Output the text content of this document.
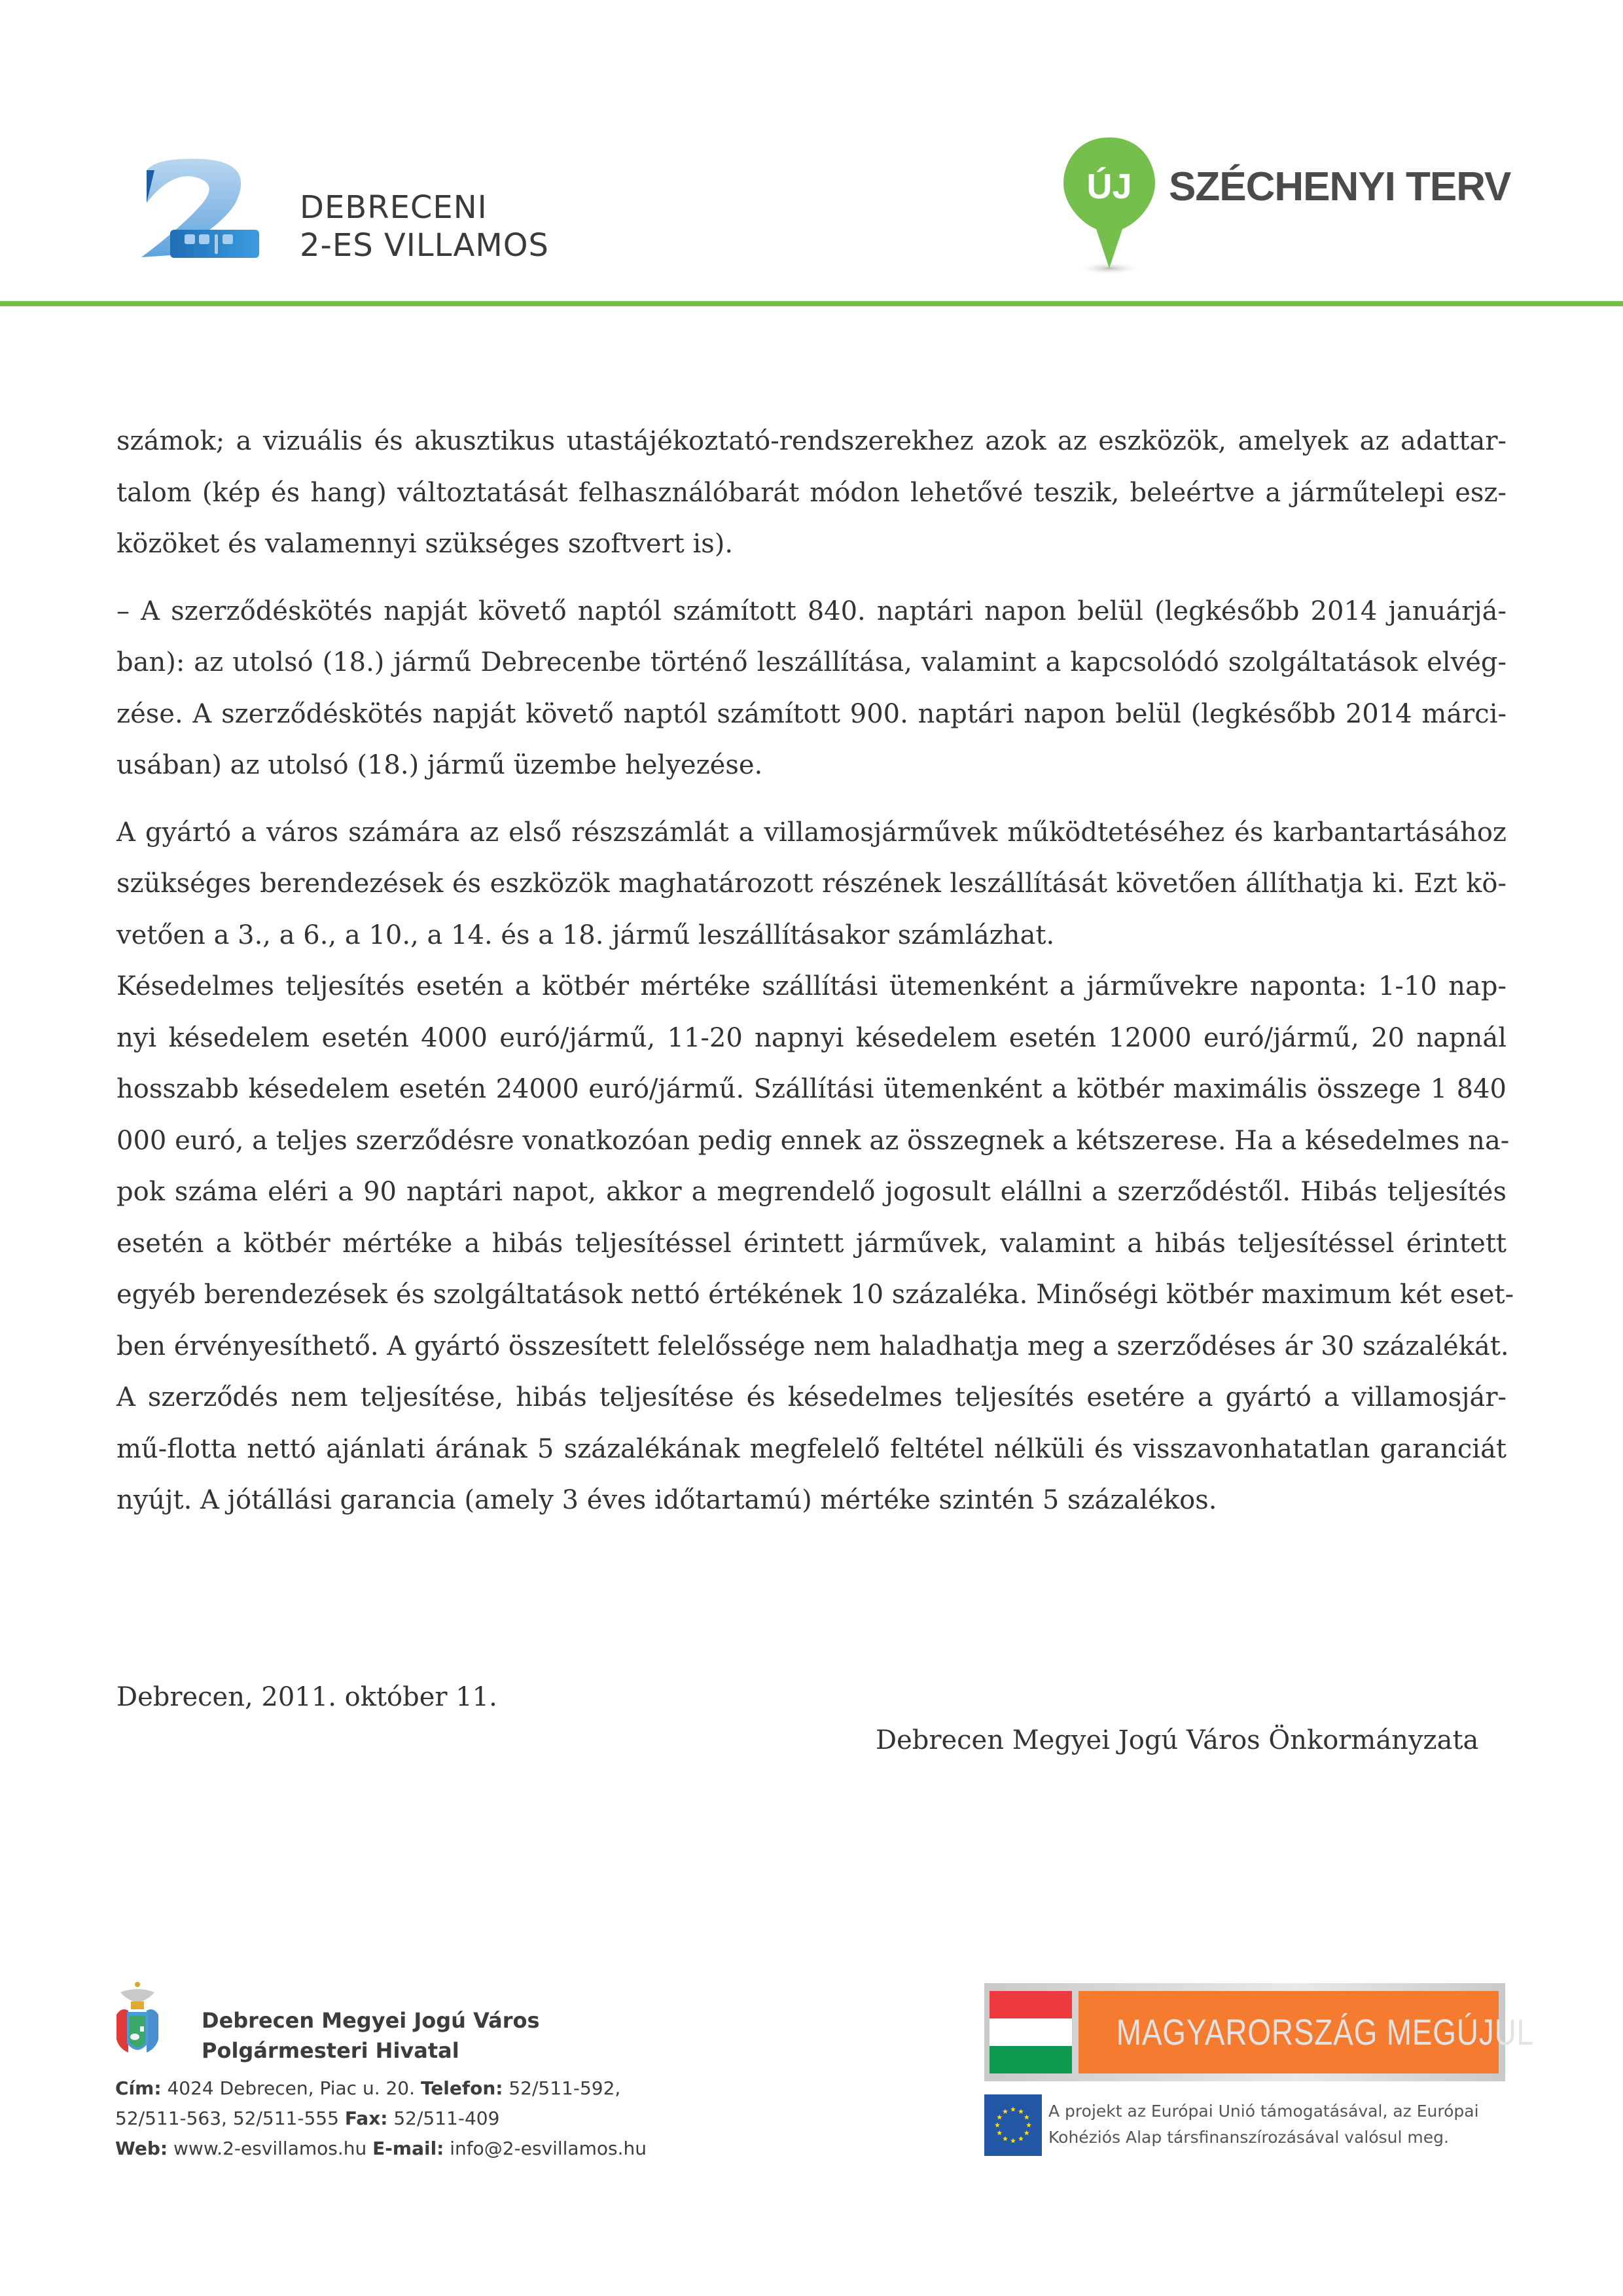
DEBRECENI
2-ES VILLAMOS
ÚJ SZÉCHENYI TERV

számok; a vizuális és akusztikus utastájékoztató-rendszerekhez azok az eszközök, amelyek az adattar-
talom (kép és hang) változtatását felhasználóbarát módon lehetővé teszik, beleértve a járműtelepi esz-
közöket és valamennyi szükséges szoftvert is).

– A szerződéskötés napját követő naptól számított 840. naptári napon belül (legkésőbb 2014 januárjá-
ban): az utolsó (18.) jármű Debrecenbe történő leszállítása, valamint a kapcsolódó szolgáltatások elvég-
zése. A szerződéskötés napját követő naptól számított 900. naptári napon belül (legkésőbb 2014 márci-
usában) az utolsó (18.) jármű üzembe helyezése.

A gyártó a város számára az első részszámlát a villamosjárművek működtetéséhez és karbantartásához
szükséges berendezések és eszközök maghatározott részének leszállítását követően állíthatja ki. Ezt kö-
vetően a 3., a 6., a 10., a 14. és a 18. jármű leszállításakor számlázhat.

Késedelmes teljesítés esetén a kötbér mértéke szállítási ütemenként a járművekre naponta: 1-10 nap-
nyi késedelem esetén 4000 euró/jármű, 11-20 napnyi késedelem esetén 12000 euró/jármű, 20 napnál
hosszabb késedelem esetén 24000 euró/jármű. Szállítási ütemenként a kötbér maximális összege 1 840
000 euró, a teljes szerződésre vonatkozóan pedig ennek az összegnek a kétszerese. Ha a késedelmes na-
pok száma eléri a 90 naptári napot, akkor a megrendelő jogosult elállni a szerződéstől. Hibás teljesítés
esetén a kötbér mértéke a hibás teljesítéssel érintett járművek, valamint a hibás teljesítéssel érintett
egyéb berendezések és szolgáltatások nettó értékének 10 százaléka. Minőségi kötbér maximum két eset-
ben érvényesíthető. A gyártó összesített felelőssége nem haladhatja meg a szerződéses ár 30 százalékát.
A szerződés nem teljesítése, hibás teljesítése és késedelmes teljesítés esetére a gyártó a villamosjár-
mű-flotta nettó ajánlati árának 5 százalékának megfelelő feltétel nélküli és visszavonhatatlan garanciát
nyújt. A jótállási garancia (amely 3 éves időtartamú) mértéke szintén 5 százalékos.

Debrecen, 2011. október 11.
Debrecen Megyei Jogú Város Önkormányzata
Debrecen Megyei Jogú Város
Polgármesteri Hivatal
Cím: 4024 Debrecen, Piac u. 20. Telefon: 52/511-592,
52/511-563, 52/511-555 Fax: 52/511-409
Web: www.2-esvillamos.hu E-mail: info@2-esvillamos.hu
MAGYARORSZÁG MEGÚJUL
A projekt az Európai Unió támogatásával, az Európai
Kohéziós Alap társfinanszírozásával valósul meg.
